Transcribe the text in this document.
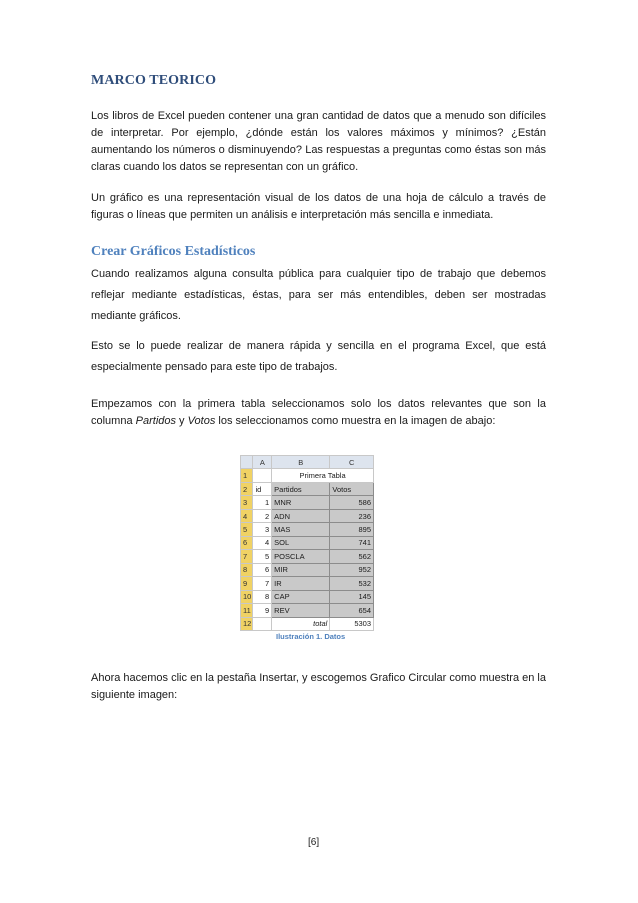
MARCO TEORICO

Los libros de Excel pueden contener una gran cantidad de datos que a menudo son difíciles de interpretar. Por ejemplo, ¿dónde están los valores máximos y mínimos? ¿Están aumentando los números o disminuyendo? Las respuestas a preguntas como éstas son más claras cuando los datos se representan con un gráfico.

Un gráfico es una representación visual de los datos de una hoja de cálculo a través de figuras o líneas que permiten un análisis e interpretación más sencilla e inmediata.

Crear Gráficos Estadísticos

Cuando realizamos alguna consulta pública para cualquier tipo de trabajo que debemos reflejar mediante estadísticas, éstas, para ser más entendibles, deben ser mostradas mediante gráficos.

Esto se lo puede realizar de manera rápida y sencilla en el programa Excel, que está especialmente pensado para este tipo de trabajos.

Empezamos con la primera tabla seleccionamos solo los datos relevantes que son la columna Partidos y Votos los seleccionamos como muestra en la imagen de abajo:

	A	B	C
1		Primera Tabla	
2	id	Partidos	Votos
3	1	MNR	586
4	2	ADN	236
5	3	MAS	895
6	4	SOL	741
7	5	POSCLA	562
8	6	MIR	952
9	7	IR	532
10	8	CAP	145
11	9	REV	654
12		total	5303
Ilustración 1. Datos

Ahora hacemos clic en la pestaña Insertar, y escogemos Grafico Circular como muestra en la siguiente imagen:

[6]
